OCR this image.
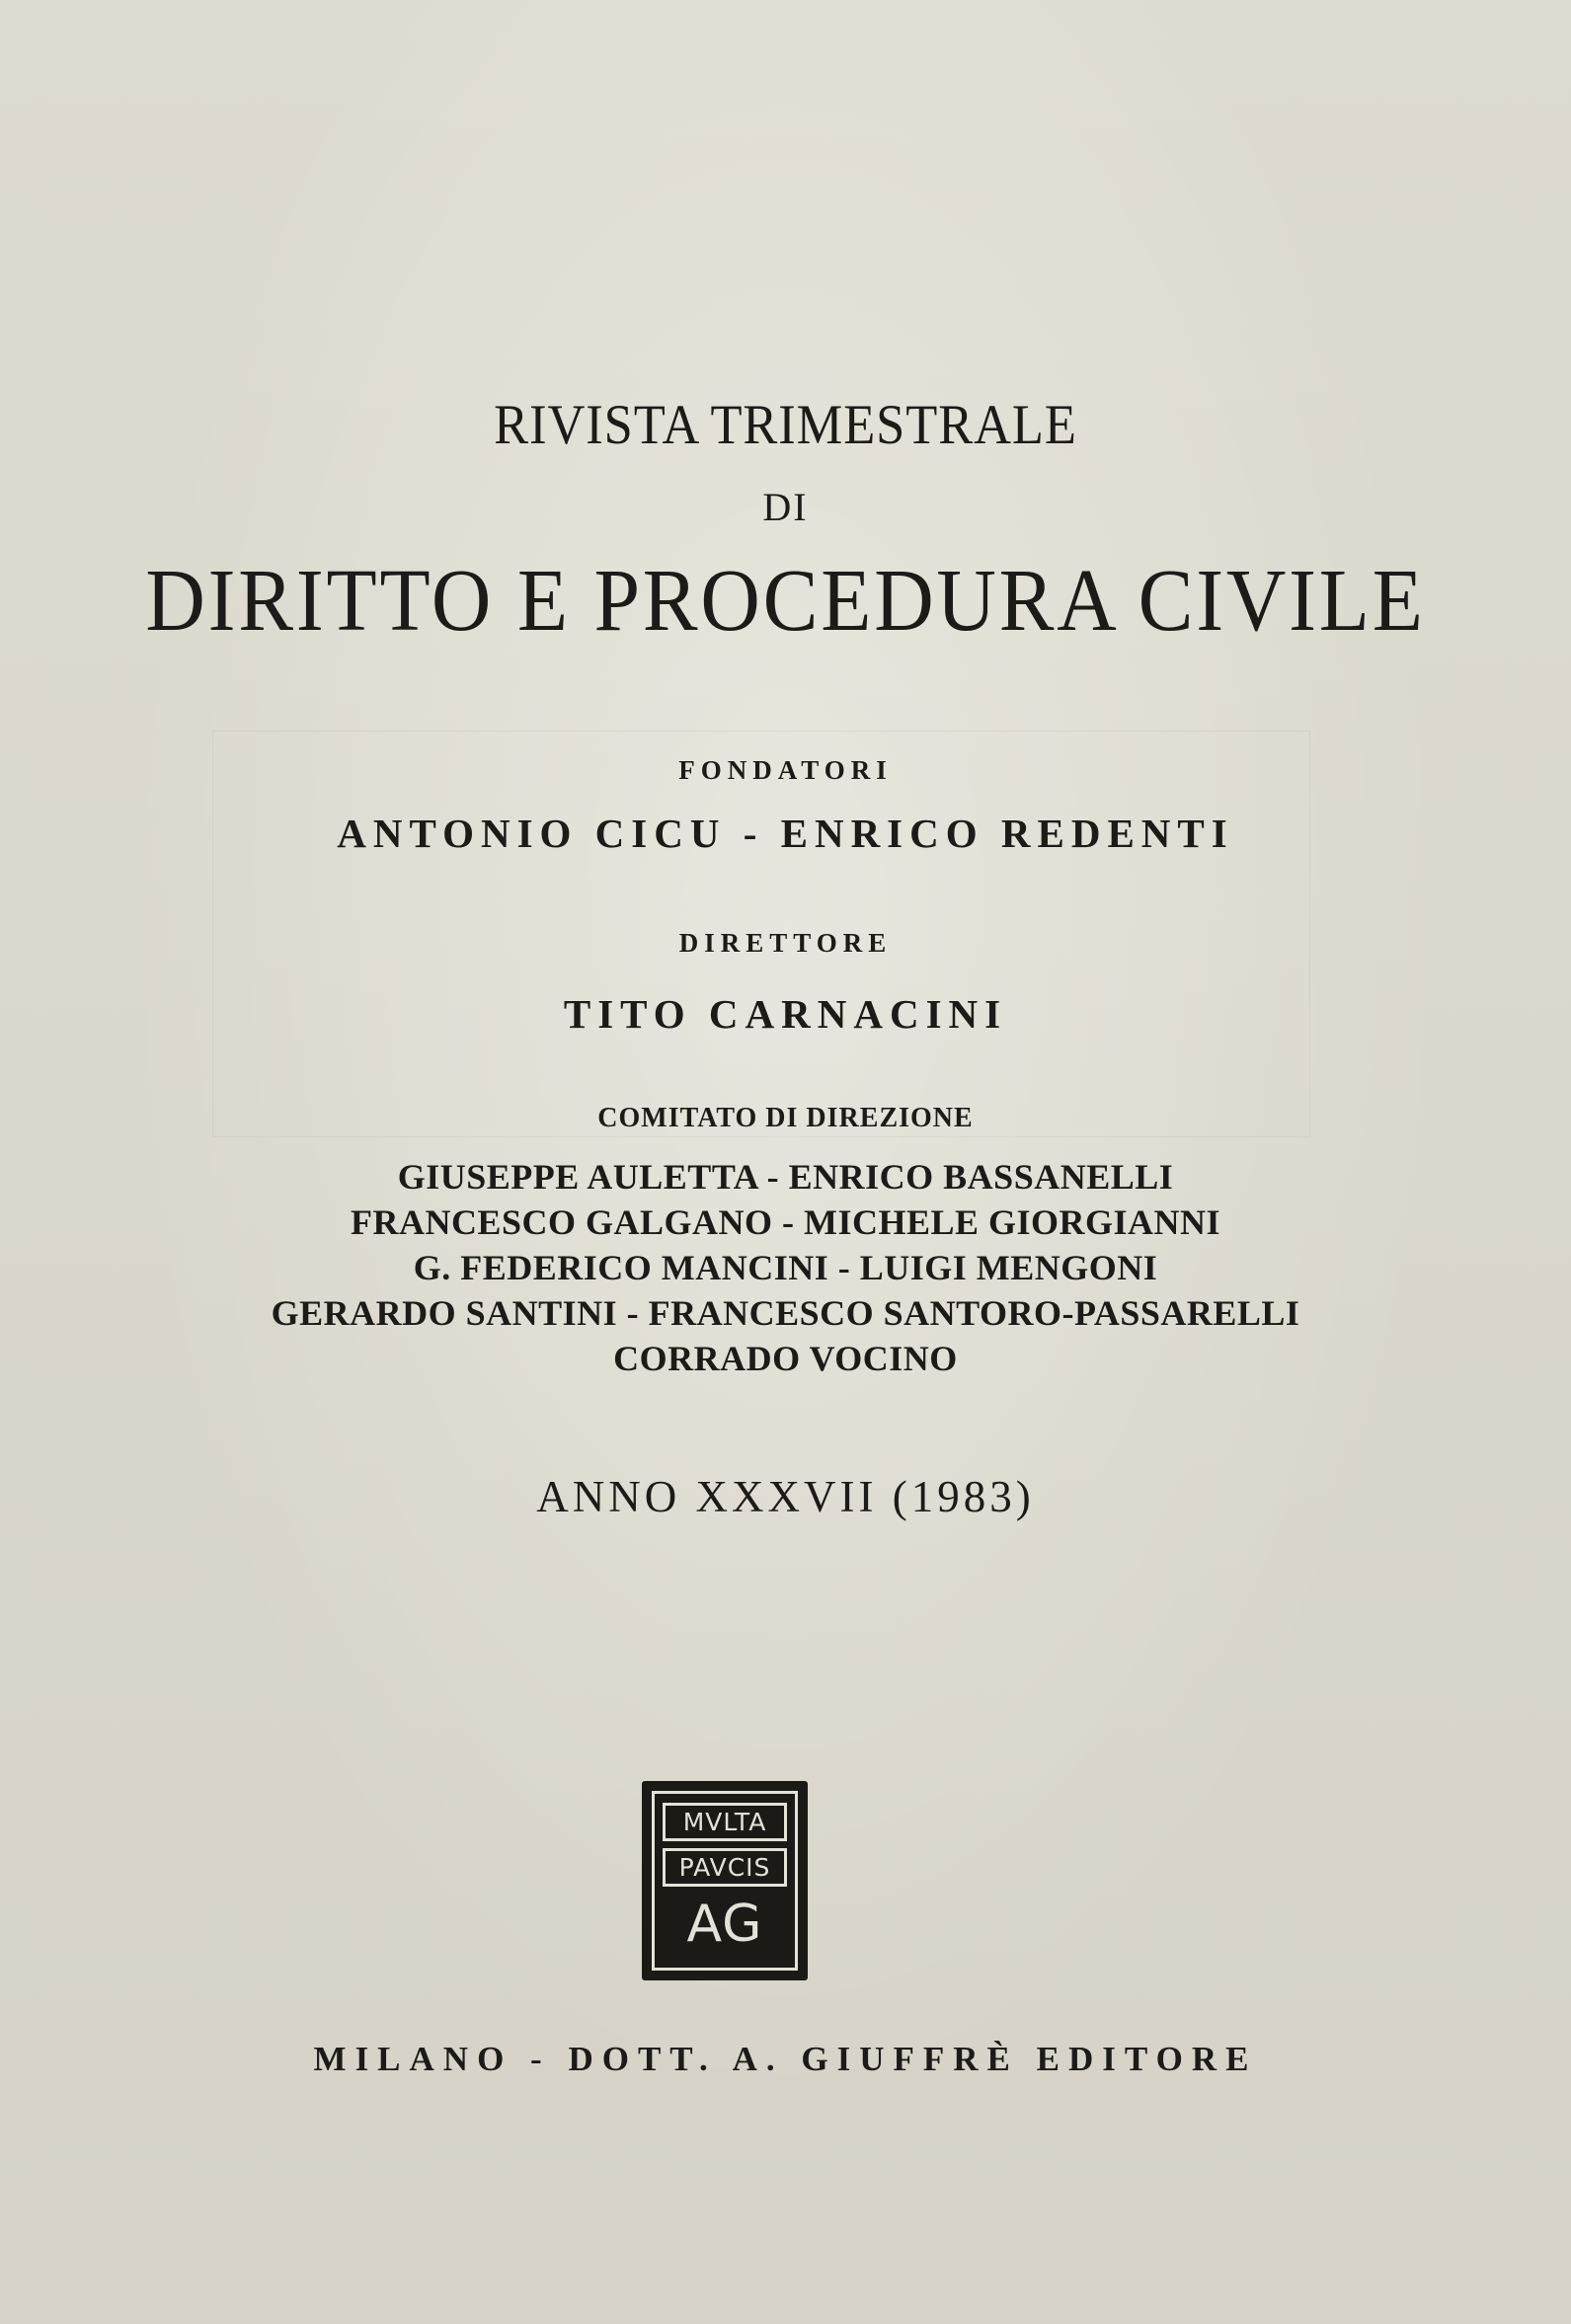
RIVISTA TRIMESTRALE
DI
DIRITTO E PROCEDURA CIVILE
FONDATORI
ANTONIO CICU - ENRICO REDENTI
DIRETTORE
TITO CARNACINI
COMITATO DI DIREZIONE
GIUSEPPE AULETTA - ENRICO BASSANELLI
FRANCESCO GALGANO - MICHELE GIORGIANNI
G. FEDERICO MANCINI - LUIGI MENGONI
GERARDO SANTINI - FRANCESCO SANTORO-PASSARELLI
CORRADO VOCINO
ANNO XXXVII (1983)
MVLTA
PAVCIS
AG
MILANO - DOTT. A. GIUFFRÈ EDITORE
